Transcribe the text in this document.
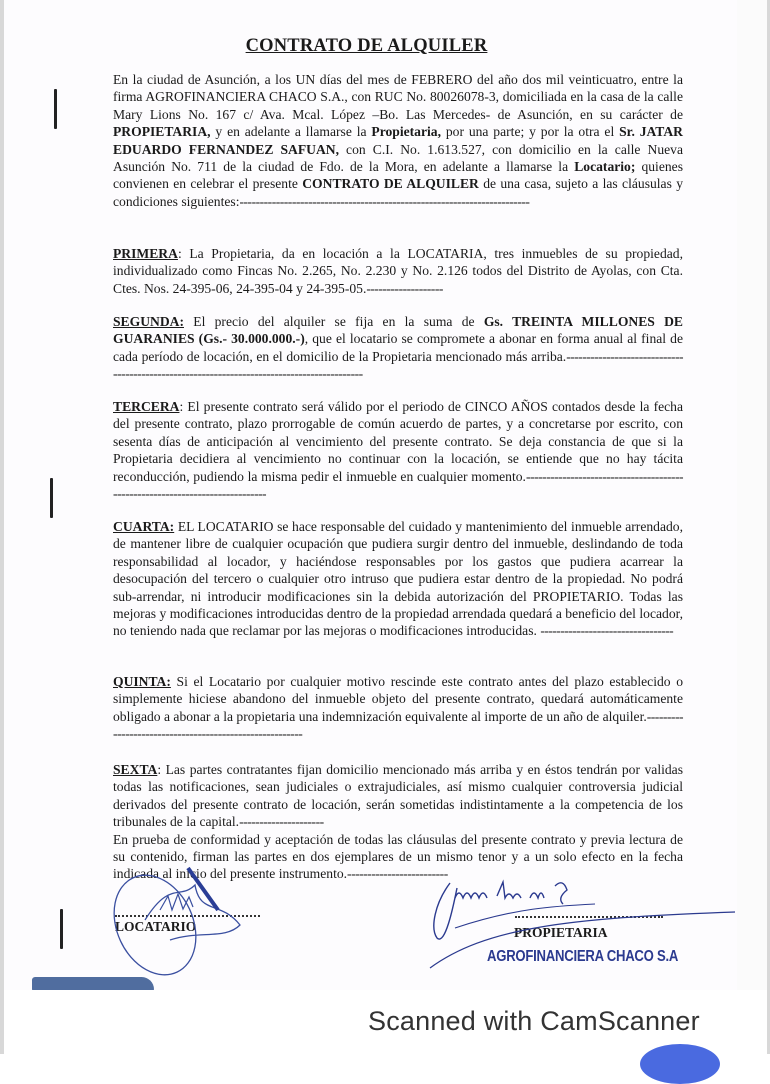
CONTRATO DE ALQUILER

En la ciudad de Asunción, a los UN días del mes de FEBRERO del año dos mil veinticuatro, entre la firma AGROFINANCIERA CHACO S.A., con RUC No. 80026078-3, domiciliada en la casa de la calle Mary Lions No. 167 c/ Ava. Mcal. López –Bo. Las Mercedes- de Asunción, en su carácter de PROPIETARIA, y en adelante a llamarse la Propietaria, por una parte; y por la otra el Sr. JATAR EDUARDO FERNANDEZ SAFUAN, con C.I. No. 1.613.527, con domicilio en la calle Nueva Asunción No. 711 de la ciudad de Fdo. de la Mora, en adelante a llamarse la Locatario; quienes convienen en celebrar el presente CONTRATO DE ALQUILER de una casa, sujeto a las cláusulas y condiciones siguientes:------------------------------------------------------------------------

PRIMERA: La Propietaria, da en locación a la LOCATARIA, tres inmuebles de su propiedad, individualizado como Fincas No. 2.265, No. 2.230 y No. 2.126 todos del Distrito de Ayolas, con Cta. Ctes. Nos. 24-395-06, 24-395-04 y 24-395-05.-------------------

SEGUNDA: El precio del alquiler se fija en la suma de Gs. TREINTA MILLONES DE GUARANIES (Gs.- 30.000.000.-), que el locatario se compromete a abonar en forma anual al final de cada período de locación, en el domicilio de la Propietaria mencionado más arriba.-------------------------------------------------------------------------------------------

TERCERA: El presente contrato será válido por el periodo de CINCO AÑOS contados desde la fecha del presente contrato, plazo prorrogable de común acuerdo de partes, y a concretarse por escrito, con sesenta días de anticipación al vencimiento del presente contrato. Se deja constancia de que si la Propietaria decidiera al vencimiento no continuar con la locación, se entiende que no hay tácita reconducción, pudiendo la misma pedir el inmueble en cualquier momento.-----------------------------------------------------------------------------

CUARTA: EL LOCATARIO se hace responsable del cuidado y mantenimiento del inmueble arrendado, de mantener libre de cualquier ocupación que pudiera surgir dentro del inmueble, deslindando de toda responsabilidad al locador, y haciéndose responsables por los gastos que pudiera acarrear la desocupación del tercero o cualquier otro intruso que pudiera estar dentro de la propiedad. No podrá sub-arrendar, ni introducir modificaciones sin la debida autorización del PROPIETARIO. Todas las mejoras y modificaciones introducidas dentro de la propiedad arrendada quedará a beneficio del locador, no teniendo nada que reclamar por las mejoras o modificaciones introducidas. ---------------------------------

QUINTA: Si el Locatario por cualquier motivo rescinde este contrato antes del plazo establecido o simplemente hiciese abandono del inmueble objeto del presente contrato, quedará automáticamente obligado a abonar a la propietaria una indemnización equivalente al importe de un año de alquiler.--------------------------------------------------------

SEXTA: Las partes contratantes fijan domicilio mencionado más arriba y en éstos tendrán por validas todas las notificaciones, sean judiciales o extrajudiciales, así mismo cualquier controversia judicial derivados del presente contrato de locación, serán sometidas indistintamente a la competencia de los tribunales de la capital.---------------------

En prueba de conformidad y aceptación de todas las cláusulas del presente contrato y previa lectura de su contenido, firman las partes en dos ejemplares de un mismo tenor y a un solo efecto en la fecha indicada al inicio del presente instrumento.-------------------------

LOCATARIO	PROPIETARIA
AGROFINANCIERA CHACO S.A
Scanned with CamScanner
